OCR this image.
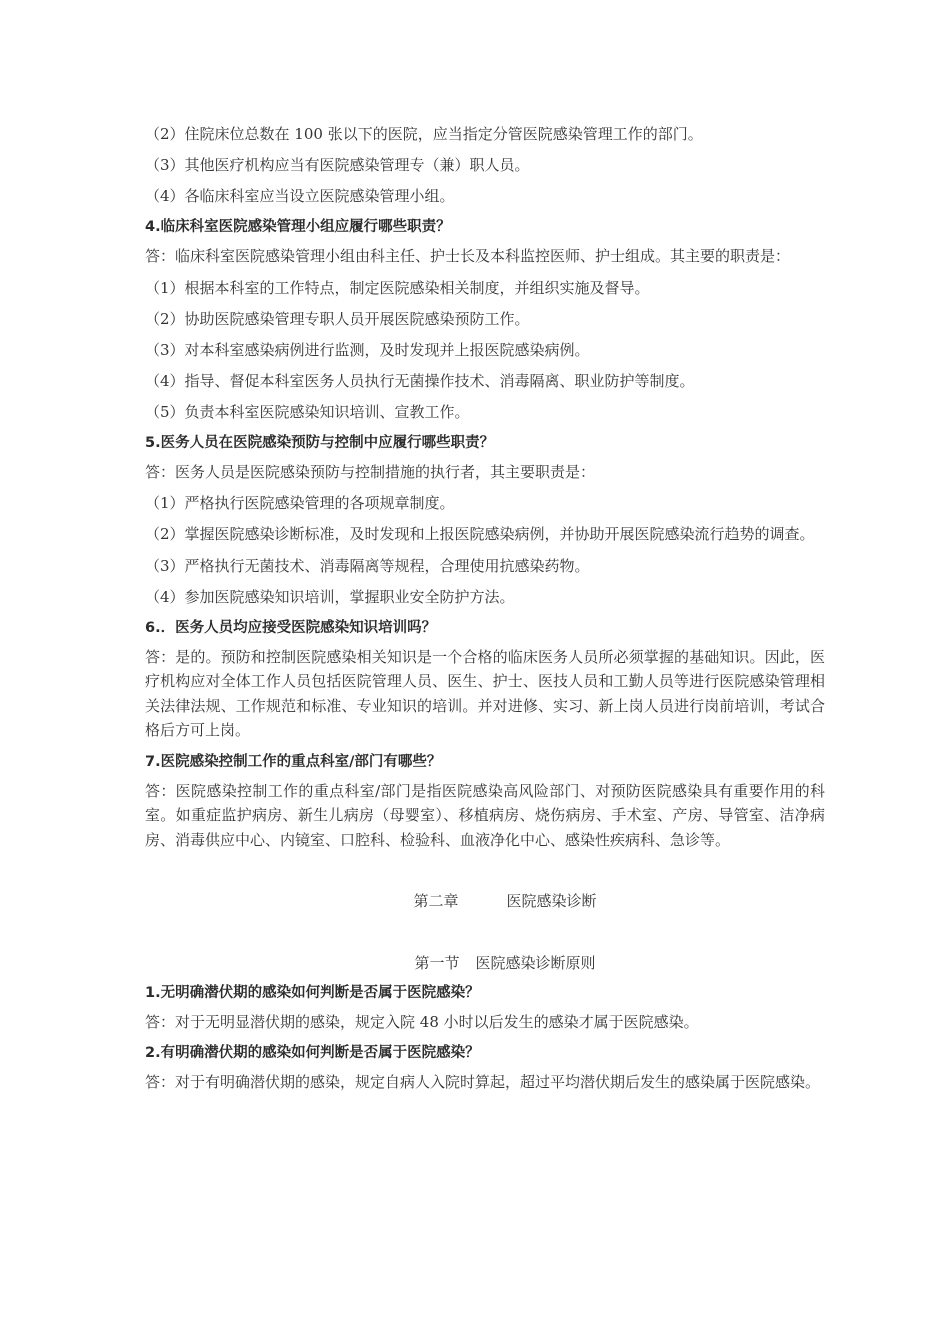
（2）住院床位总数在 100 张以下的医院，应当指定分管医院感染管理工作的部门。

（3）其他医疗机构应当有医院感染管理专（兼）职人员。

（4）各临床科室应当设立医院感染管理小组。

4.临床科室医院感染管理小组应履行哪些职责？

答：临床科室医院感染管理小组由科主任、护士长及本科监控医师、护士组成。其主要的职责是：

（1）根据本科室的工作特点，制定医院感染相关制度，并组织实施及督导。

（2）协助医院感染管理专职人员开展医院感染预防工作。

（3）对本科室感染病例进行监测，及时发现并上报医院感染病例。

（4）指导、督促本科室医务人员执行无菌操作技术、消毒隔离、职业防护等制度。

（5）负责本科室医院感染知识培训、宣教工作。

5.医务人员在医院感染预防与控制中应履行哪些职责？

答：医务人员是医院感染预防与控制措施的执行者，其主要职责是：

（1）严格执行医院感染管理的各项规章制度。

（2）掌握医院感染诊断标准，及时发现和上报医院感染病例，并协助开展医院感染流行趋势的调查。

（3）严格执行无菌技术、消毒隔离等规程，合理使用抗感染药物。

（4）参加医院感染知识培训，掌握职业安全防护方法。

6.．医务人员均应接受医院感染知识培训吗？

答：是的。预防和控制医院感染相关知识是一个合格的临床医务人员所必须掌握的基础知识。因此，医疗机构应对全体工作人员包括医院管理人员、医生、护士、医技人员和工勤人员等进行医院感染管理相关法律法规、工作规范和标准、专业知识的培训。并对进修、实习、新上岗人员进行岗前培训，考试合格后方可上岗。

7.医院感染控制工作的重点科室/部门有哪些？

答：医院感染控制工作的重点科室/部门是指医院感染高风险部门、对预防医院感染具有重要作用的科室。如重症监护病房、新生儿病房（母婴室）、移植病房、烧伤病房、手术室、产房、导管室、洁净病房、消毒供应中心、内镜室、口腔科、检验科、血液净化中心、感染性疾病科、急诊等。

第二章	医院感染诊断

第一节 医院感染诊断原则

1.无明确潜伏期的感染如何判断是否属于医院感染？

答：对于无明显潜伏期的感染，规定入院 48 小时以后发生的感染才属于医院感染。

2.有明确潜伏期的感染如何判断是否属于医院感染？

答：对于有明确潜伏期的感染，规定自病人入院时算起，超过平均潜伏期后发生的感染属于医院感染。
